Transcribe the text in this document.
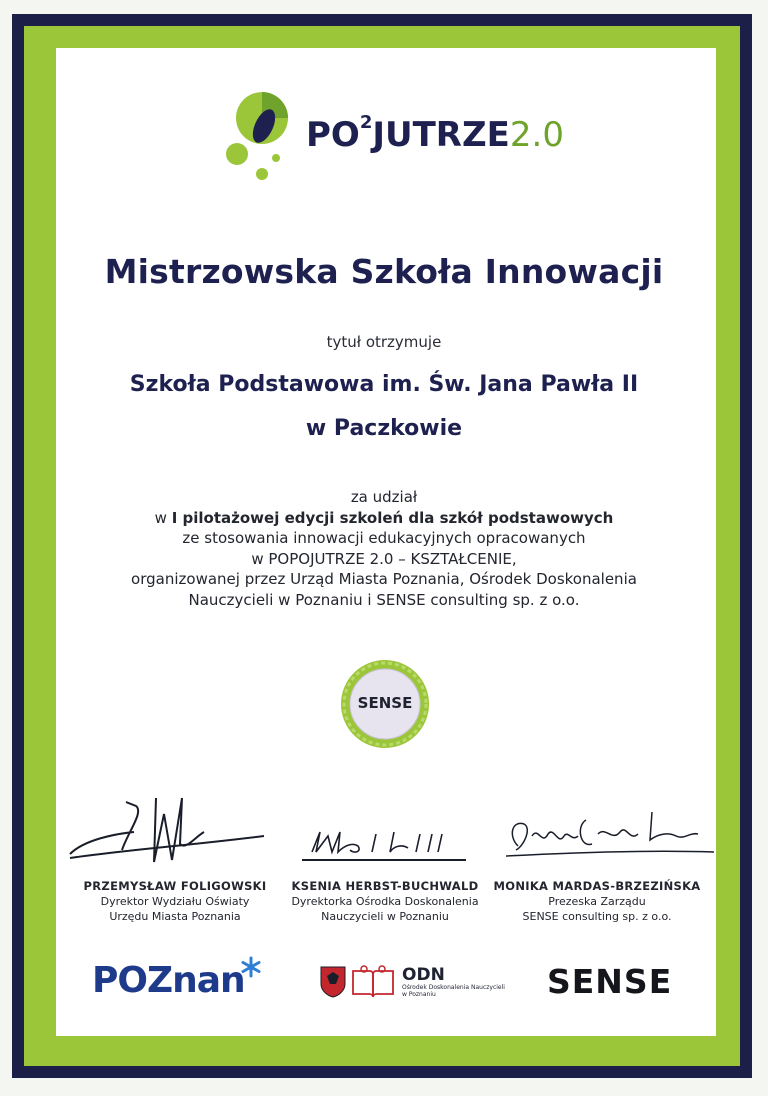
$PO^2JUTRZE2.0$
Mistrzowska Szkoła Innowacji
tytuł otrzymuje
Szkoła Podstawowa im. Św. Jana Pawła II
w Paczkowie
za udział
w I pilotażowej edycji szkoleń dla szkół podstawowych
ze stosowania innowacji edukacyjnych opracowanych
w POPOJUTRZE 2.0 – KSZTAŁCENIE,
organizowanej przez Urząd Miasta Poznania, Ośrodek Doskonalenia
Nauczycieli w Poznaniu i SENSE consulting sp. z o.o.
SENSE
PRZEMYSŁAW FOLIGOWSKI
Dyrektor Wydziału Oświaty
Urzędu Miasta Poznania
KSENIA HERBST-BUCHWALD
Dyrektorka Ośrodka Doskonalenia
Nauczycieli w Poznaniu
MONIKA MARDAS-BRZEZIŃSKA
Prezeska Zarządu
SENSE consulting sp. z o.o.
POZnan	ODN
Ośrodek Doskonalenia Nauczycieli
w Poznaniu	SENSE
